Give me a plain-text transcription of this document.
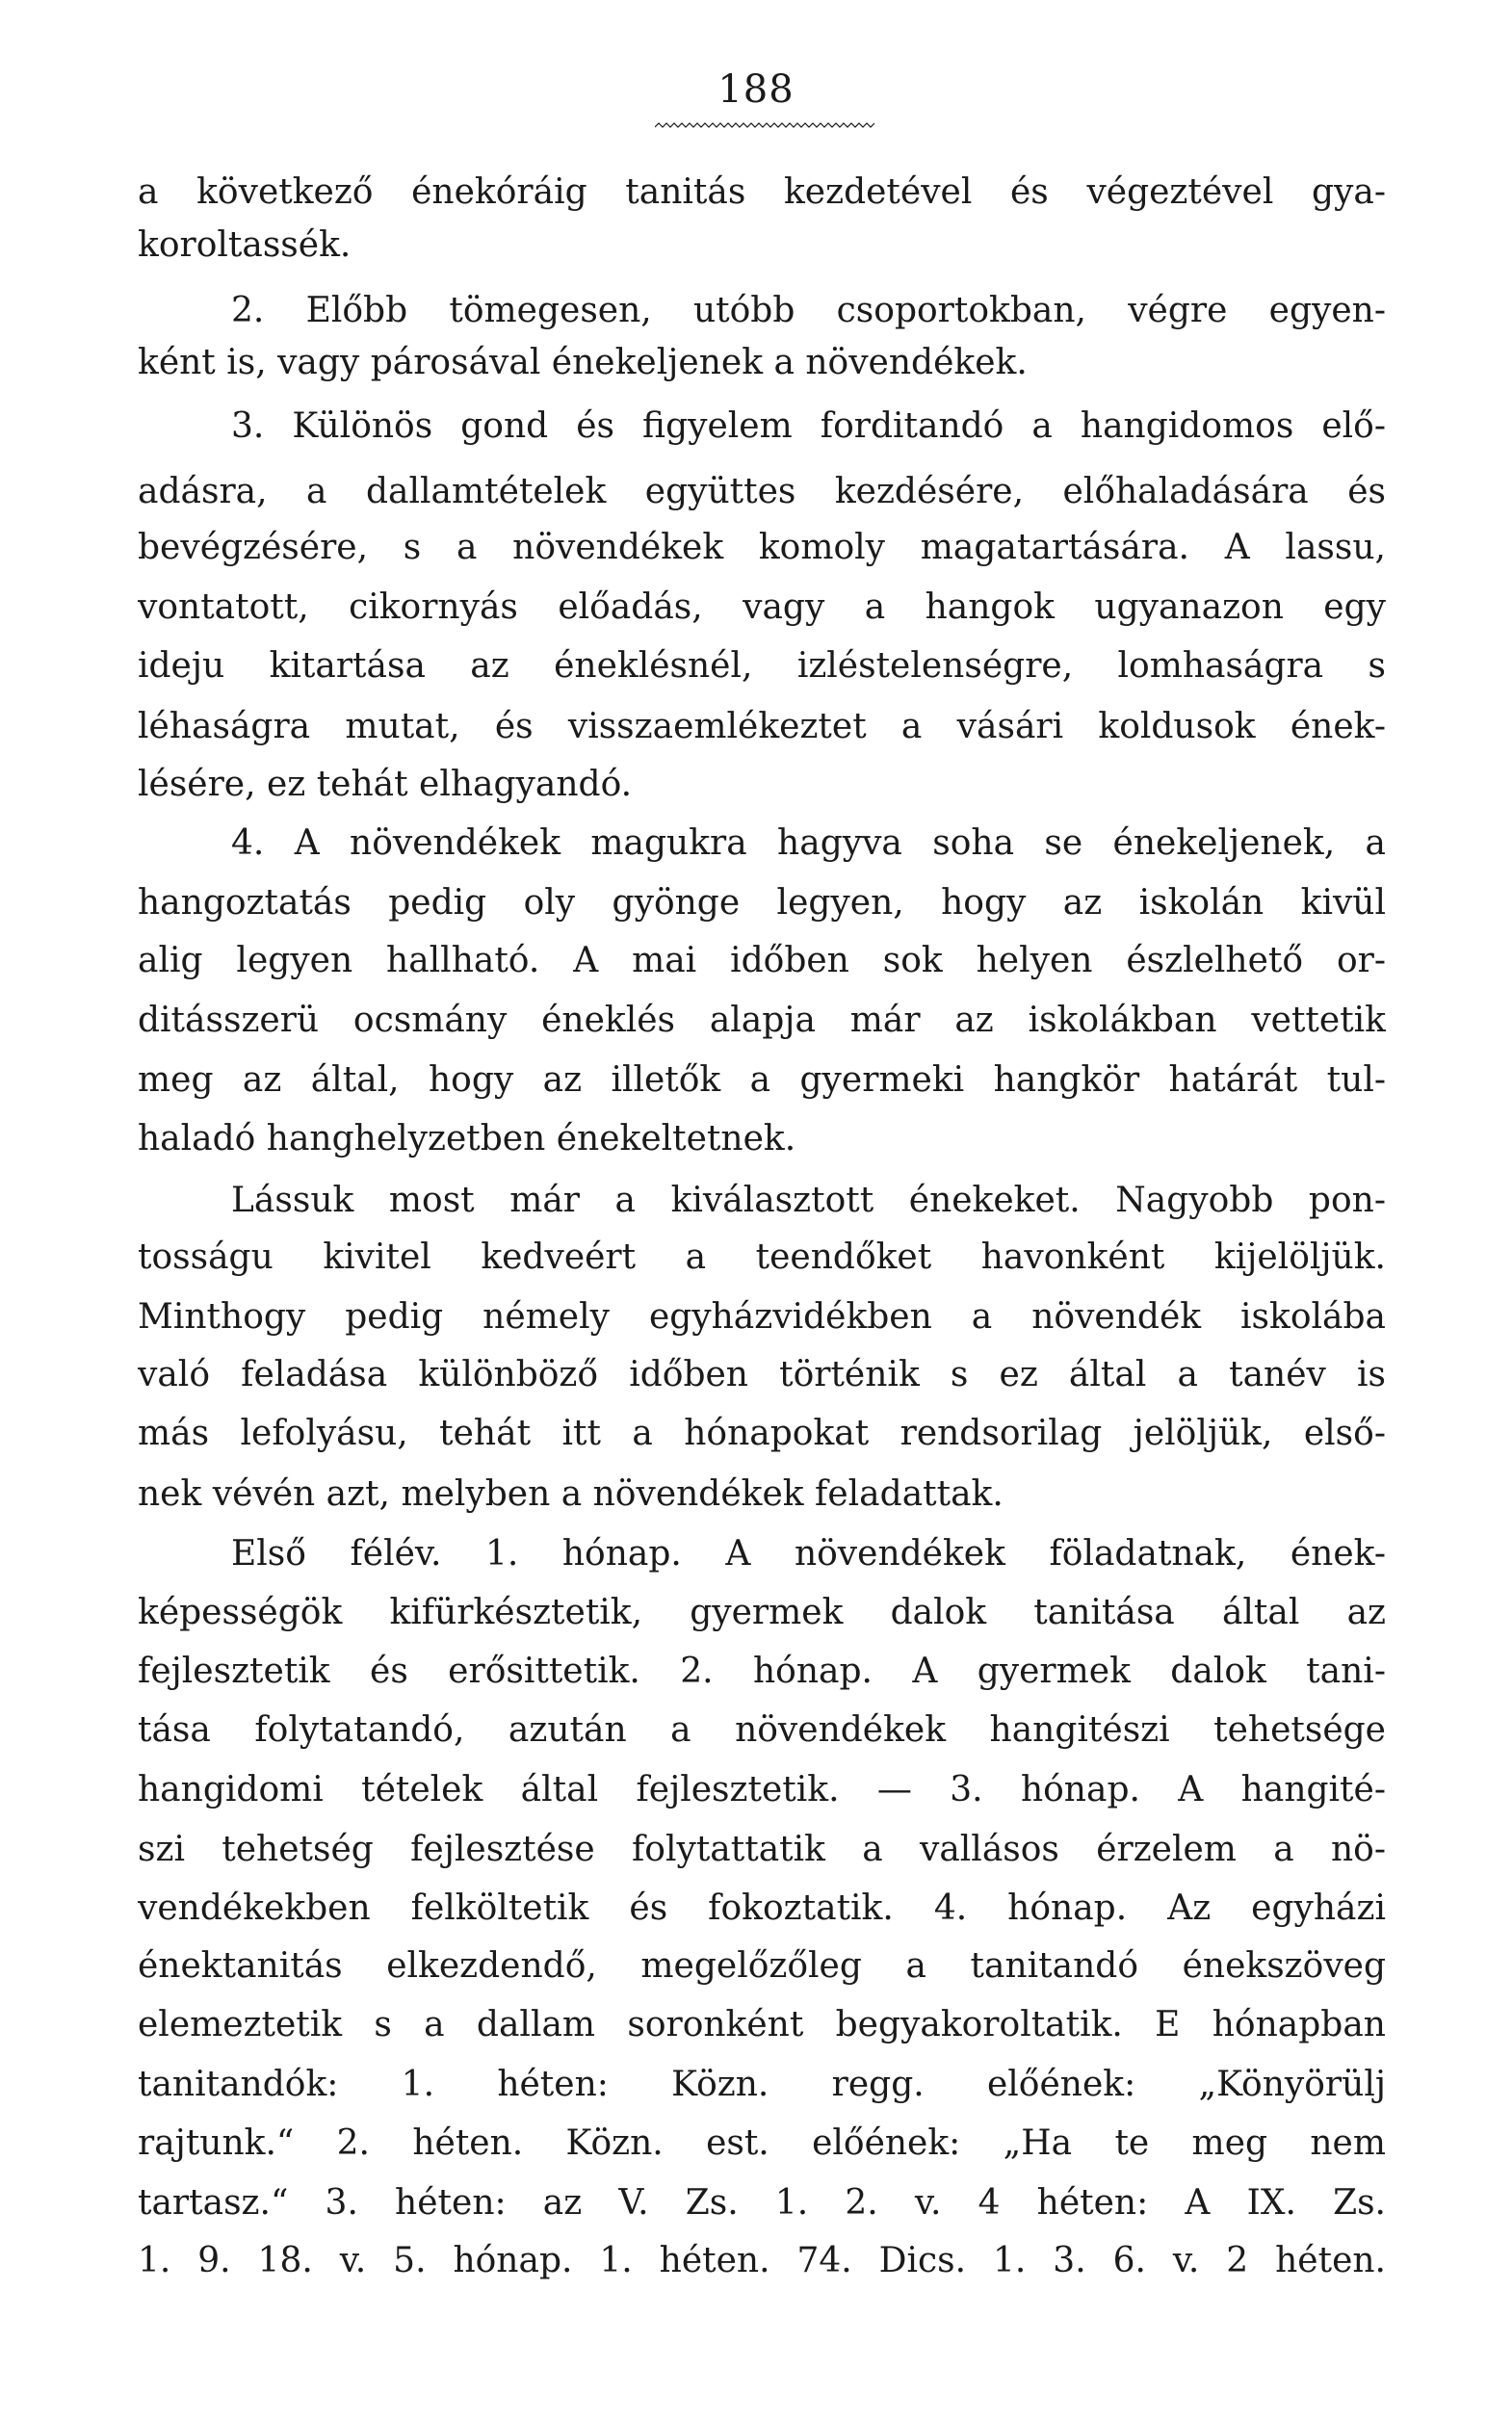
188
a következő énekóráig tanitás kezdetével és végeztével gya-
koroltassék.
2. Előbb tömegesen, utóbb csoportokban, végre egyen-
ként is, vagy párosával énekeljenek a növendékek.
3. Különös gond és figyelem forditandó a hangidomos elő-
adásra, a dallamtételek együttes kezdésére, előhaladására és
bevégzésére, s a növendékek komoly magatartására. A lassu,
vontatott, cikornyás előadás, vagy a hangok ugyanazon egy
ideju kitartása az éneklésnél, izléstelenségre, lomhaságra s
léhaságra mutat, és visszaemlékeztet a vásári koldusok ének-
lésére, ez tehát elhagyandó.
4. A növendékek magukra hagyva soha se énekeljenek, a
hangoztatás pedig oly gyönge legyen, hogy az iskolán kivül
alig legyen hallható. A mai időben sok helyen észlelhető or-
ditásszerü ocsmány éneklés alapja már az iskolákban vettetik
meg az által, hogy az illetők a gyermeki hangkör határát tul-
haladó hanghelyzetben énekeltetnek.
Lássuk most már a kiválasztott énekeket. Nagyobb pon-
tosságu kivitel kedveért a teendőket havonként kijelöljük.
Minthogy pedig némely egyházvidékben a növendék iskolába
való feladása különböző időben történik s ez által a tanév is
más lefolyásu, tehát itt a hónapokat rendsorilag jelöljük, első-
nek vévén azt, melyben a növendékek feladattak.
Első félév. 1. hónap. A növendékek föladatnak, ének-
képességök kifürkésztetik, gyermek dalok tanitása által az
fejlesztetik és erősittetik. 2. hónap. A gyermek dalok tani-
tása folytatandó, azután a növendékek hangitészi tehetsége
hangidomi tételek által fejlesztetik. — 3. hónap. A hangité-
szi tehetség fejlesztése folytattatik a vallásos érzelem a nö-
vendékekben felköltetik és fokoztatik. 4. hónap. Az egyházi
énektanitás elkezdendő, megelőzőleg a tanitandó énekszöveg
elemeztetik s a dallam soronként begyakoroltatik. E hónapban
tanitandók: 1. héten: Közn. regg. előének: „Könyörülj
rajtunk.“ 2. héten. Közn. est. előének: „Ha te meg nem
tartasz.“ 3. héten: az V. Zs. 1. 2. v. 4 héten: A IX. Zs.
1. 9. 18. v. 5. hónap. 1. héten. 74. Dics. 1. 3. 6. v. 2 héten.
